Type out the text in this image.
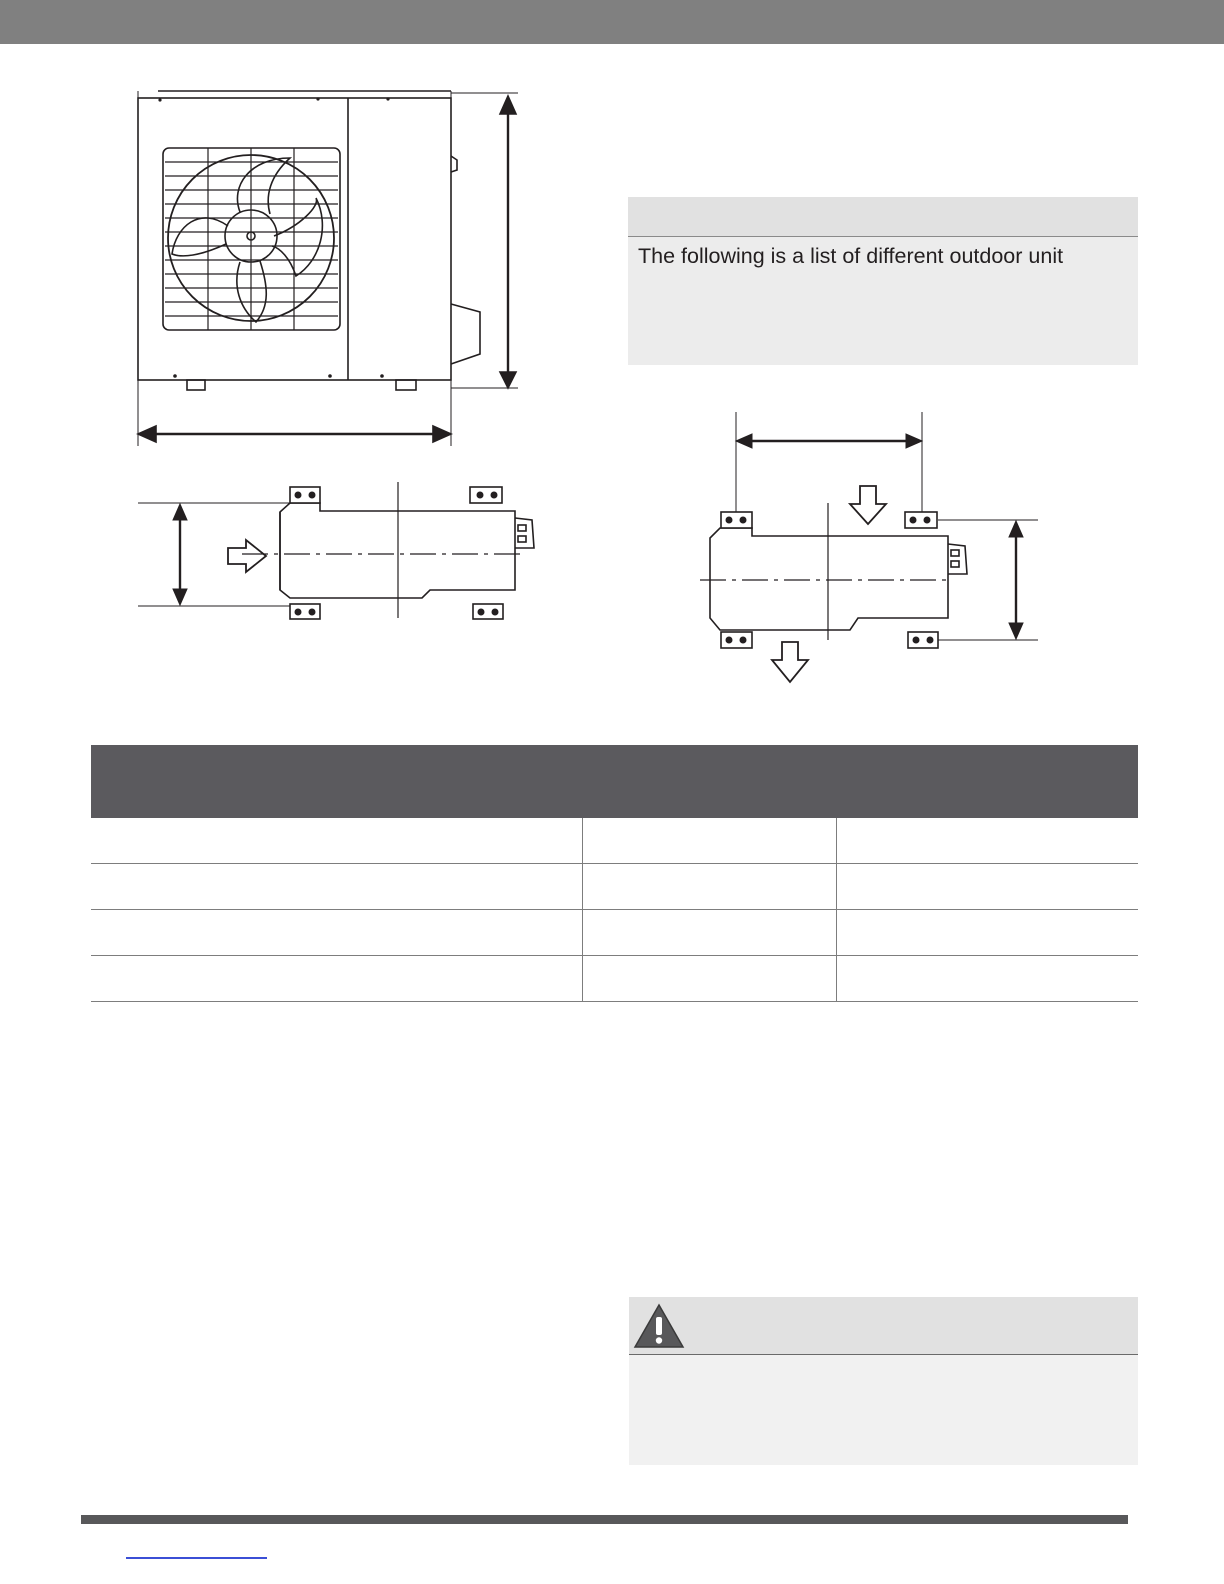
The following is a list of different outdoor unit
